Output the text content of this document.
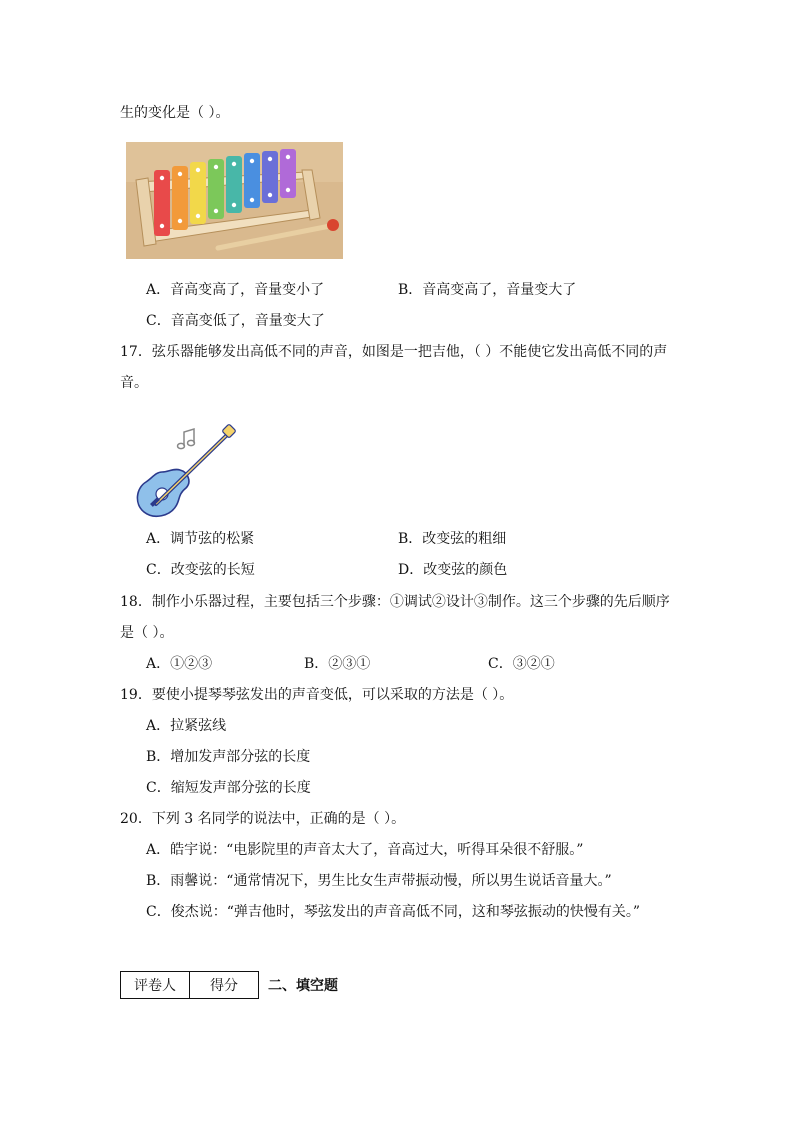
生的变化是（ ）。
A．音高变高了，音量变小了	B．音高变高了，音量变大了
C．音高变低了，音量变大了
17．弦乐器能够发出高低不同的声音，如图是一把吉他，（ ）不能使它发出高低不同的声
音。
A．调节弦的松紧	B．改变弦的粗细
C．改变弦的长短	D．改变弦的颜色
18．制作小乐器过程，主要包括三个步骤：①调试②设计③制作。这三个步骤的先后顺序
是（ ）。
A．①②③	B．②③①	C．③②①
19．要使小提琴琴弦发出的声音变低，可以采取的方法是（ ）。
A．拉紧弦线
B．增加发声部分弦的长度
C．缩短发声部分弦的长度
20．下列 3 名同学的说法中，正确的是（ ）。
A．皓宇说：“电影院里的声音太大了，音高过大，听得耳朵很不舒服。”
B．雨馨说：“通常情况下，男生比女生声带振动慢，所以男生说话音量大。”
C．俊杰说：“弹吉他时，琴弦发出的声音高低不同，这和琴弦振动的快慢有关。”
评卷人	得分 二、填空题
